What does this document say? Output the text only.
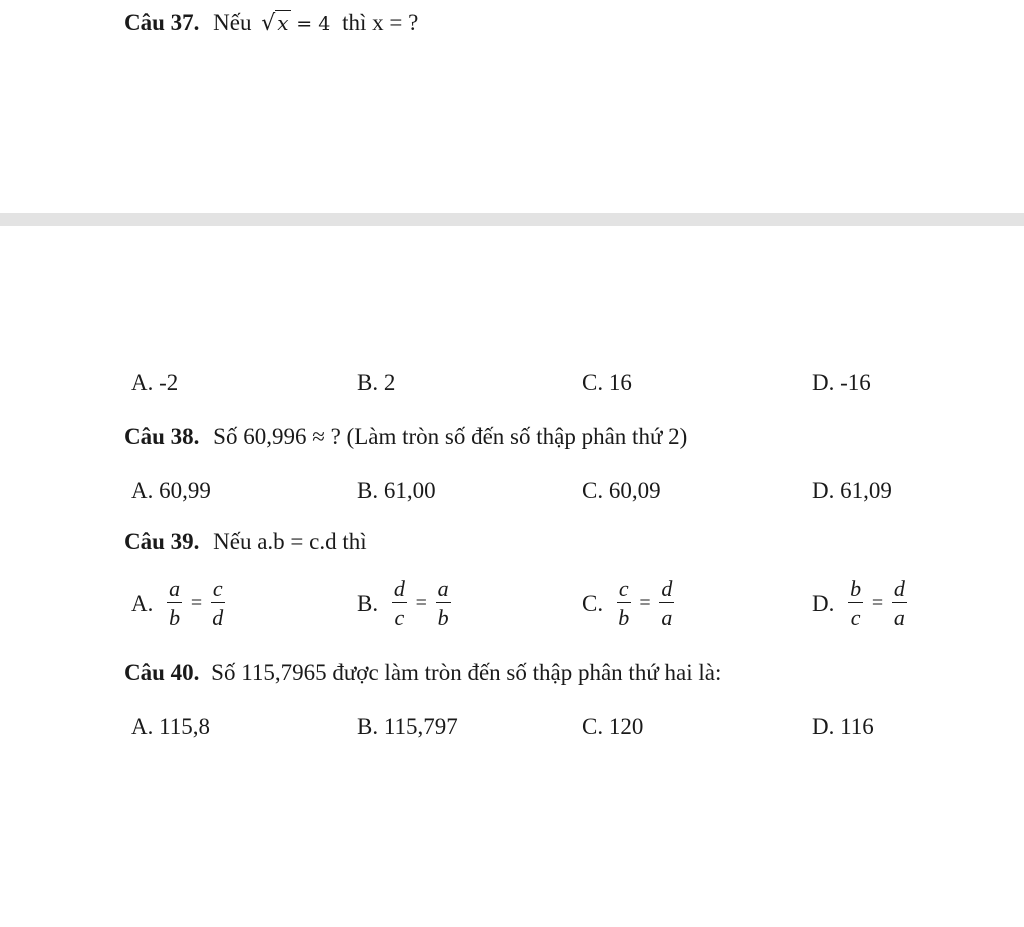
Câu 37. Nếu √ x = 4 thì x = ?
A. -2	B. 2	C. 16	D. -16
Câu 38. Số 60,996 ≈ ? (Làm tròn số đến số thập phân thứ 2)
A. 60,99	B. 61,00	C. 60,09	D. 61,09
Câu 39. Nếu a.b = c.d thì
A. $\frac{a}{b} = \frac{c}{d}$	B. $\frac{d}{c} = \frac{a}{b}$	C. $\frac{c}{b} = \frac{d}{a}$	D. $\frac{b}{c} = \frac{d}{a}$
Câu 40. Số 115,7965 được làm tròn đến số thập phân thứ hai là:
A. 115,8	B. 115,797	C. 120	D. 116
